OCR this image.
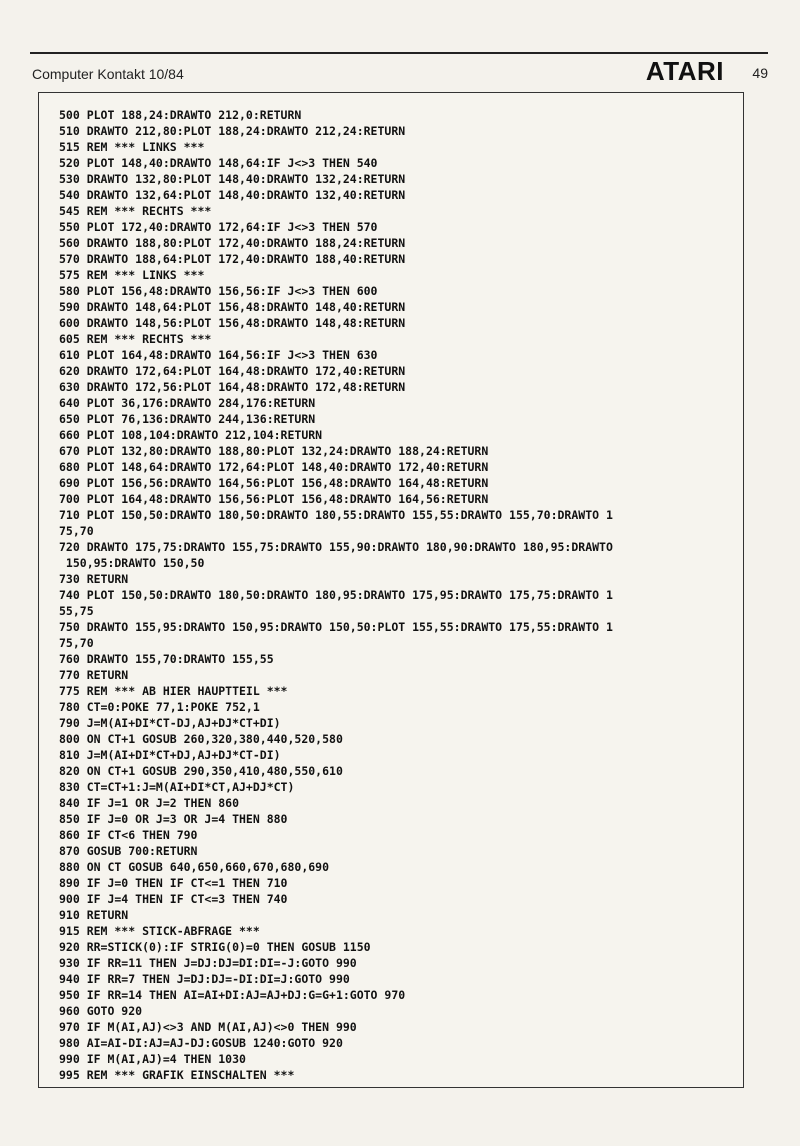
Computer Kontakt 10/84	ATARI 49
500 PLOT 188,24:DRAWTO 212,0:RETURN
510 DRAWTO 212,80:PLOT 188,24:DRAWTO 212,24:RETURN
515 REM *** LINKS ***
520 PLOT 148,40:DRAWTO 148,64:IF J<>3 THEN 540
530 DRAWTO 132,80:PLOT 148,40:DRAWTO 132,24:RETURN
540 DRAWTO 132,64:PLOT 148,40:DRAWTO 132,40:RETURN
545 REM *** RECHTS ***
550 PLOT 172,40:DRAWTO 172,64:IF J<>3 THEN 570
560 DRAWTO 188,80:PLOT 172,40:DRAWTO 188,24:RETURN
570 DRAWTO 188,64:PLOT 172,40:DRAWTO 188,40:RETURN
575 REM *** LINKS ***
580 PLOT 156,48:DRAWTO 156,56:IF J<>3 THEN 600
590 DRAWTO 148,64:PLOT 156,48:DRAWTO 148,40:RETURN
600 DRAWTO 148,56:PLOT 156,48:DRAWTO 148,48:RETURN
605 REM *** RECHTS ***
610 PLOT 164,48:DRAWTO 164,56:IF J<>3 THEN 630
620 DRAWTO 172,64:PLOT 164,48:DRAWTO 172,40:RETURN
630 DRAWTO 172,56:PLOT 164,48:DRAWTO 172,48:RETURN
640 PLOT 36,176:DRAWTO 284,176:RETURN
650 PLOT 76,136:DRAWTO 244,136:RETURN
660 PLOT 108,104:DRAWTO 212,104:RETURN
670 PLOT 132,80:DRAWTO 188,80:PLOT 132,24:DRAWTO 188,24:RETURN
680 PLOT 148,64:DRAWTO 172,64:PLOT 148,40:DRAWTO 172,40:RETURN
690 PLOT 156,56:DRAWTO 164,56:PLOT 156,48:DRAWTO 164,48:RETURN
700 PLOT 164,48:DRAWTO 156,56:PLOT 156,48:DRAWTO 164,56:RETURN
710 PLOT 150,50:DRAWTO 180,50:DRAWTO 180,55:DRAWTO 155,55:DRAWTO 155,70:DRAWTO 1
75,70
720 DRAWTO 175,75:DRAWTO 155,75:DRAWTO 155,90:DRAWTO 180,90:DRAWTO 180,95:DRAWTO
150,95:DRAWTO 150,50
730 RETURN
740 PLOT 150,50:DRAWTO 180,50:DRAWTO 180,95:DRAWTO 175,95:DRAWTO 175,75:DRAWTO 1
55,75
750 DRAWTO 155,95:DRAWTO 150,95:DRAWTO 150,50:PLOT 155,55:DRAWTO 175,55:DRAWTO 1
75,70
760 DRAWTO 155,70:DRAWTO 155,55
770 RETURN
775 REM *** AB HIER HAUPTTEIL ***
780 CT=0:POKE 77,1:POKE 752,1
790 J=M(AI+DI*CT-DJ,AJ+DJ*CT+DI)
800 ON CT+1 GOSUB 260,320,380,440,520,580
810 J=M(AI+DI*CT+DJ,AJ+DJ*CT-DI)
820 ON CT+1 GOSUB 290,350,410,480,550,610
830 CT=CT+1:J=M(AI+DI*CT,AJ+DJ*CT)
840 IF J=1 OR J=2 THEN 860
850 IF J=0 OR J=3 OR J=4 THEN 880
860 IF CT<6 THEN 790
870 GOSUB 700:RETURN
880 ON CT GOSUB 640,650,660,670,680,690
890 IF J=0 THEN IF CT<=1 THEN 710
900 IF J=4 THEN IF CT<=3 THEN 740
910 RETURN
915 REM *** STICK-ABFRAGE ***
920 RR=STICK(0):IF STRIG(0)=0 THEN GOSUB 1150
930 IF RR=11 THEN J=DJ:DJ=DI:DI=-J:GOTO 990
940 IF RR=7 THEN J=DJ:DJ=-DI:DI=J:GOTO 990
950 IF RR=14 THEN AI=AI+DI:AJ=AJ+DJ:G=G+1:GOTO 970
960 GOTO 920
970 IF M(AI,AJ)<>3 AND M(AI,AJ)<>0 THEN 990
980 AI=AI-DI:AJ=AJ-DJ:GOSUB 1240:GOTO 920
990 IF M(AI,AJ)=4 THEN 1030
995 REM *** GRAFIK EINSCHALTEN ***
